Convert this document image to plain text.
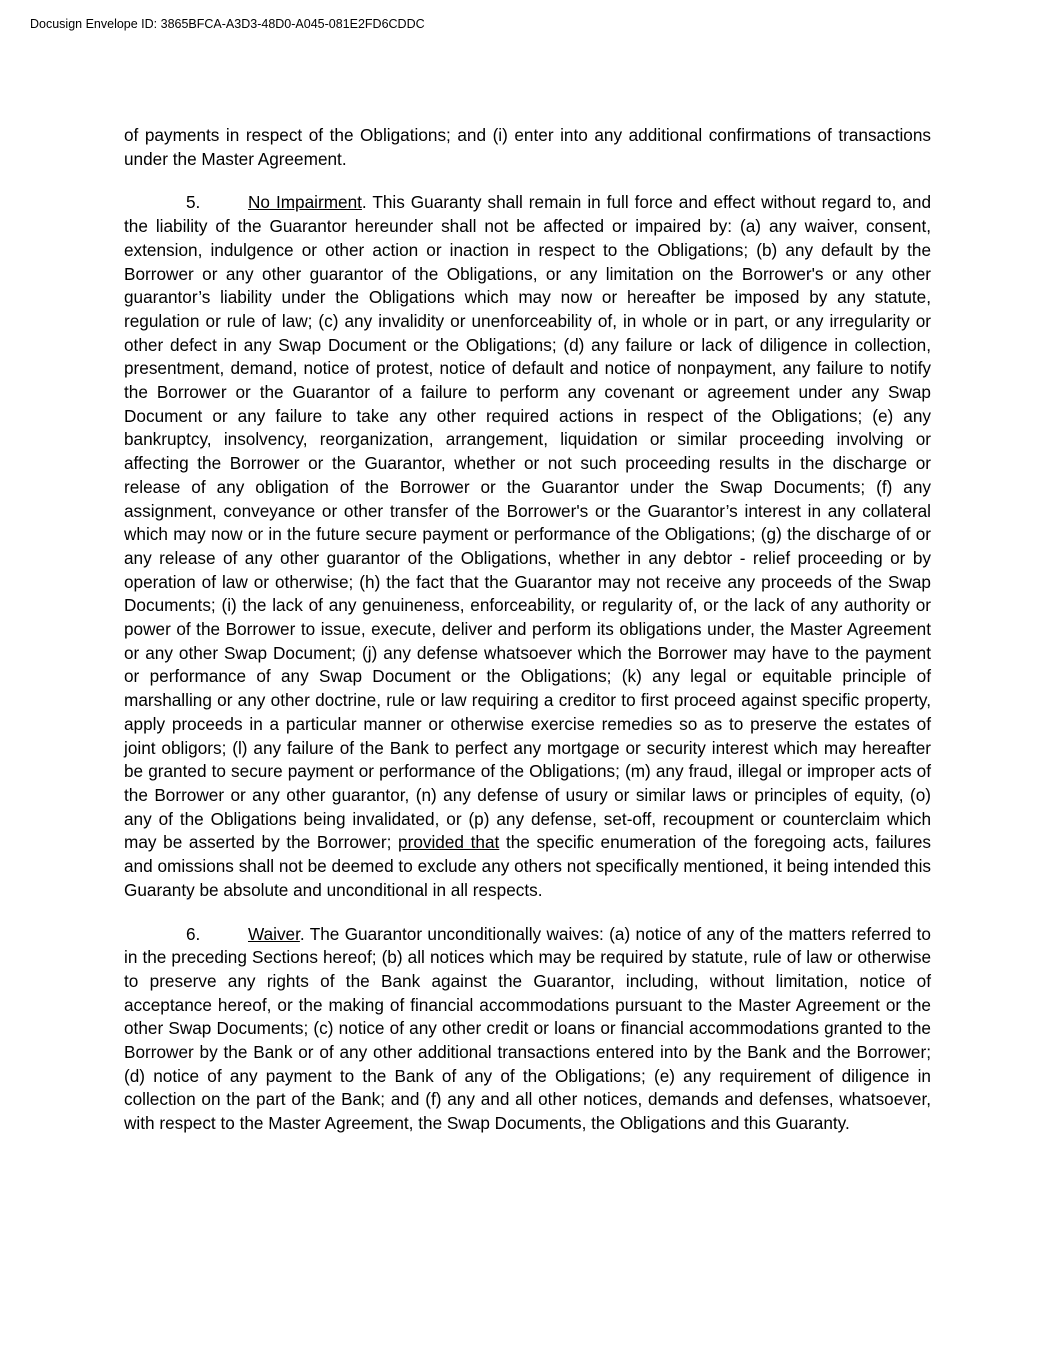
Docusign Envelope ID: 3865BFCA-A3D3-48D0-A045-081E2FD6CDDC

of payments in respect of the Obligations; and (i) enter into any additional confirmations of transactions under the Master Agreement.

5.	No Impairment. This Guaranty shall remain in full force and effect without regard to, and the liability of the Guarantor hereunder shall not be affected or impaired by: (a) any waiver, consent, extension, indulgence or other action or inaction in respect to the Obligations; (b) any default by the Borrower or any other guarantor of the Obligations, or any limitation on the Borrower's or any other guarantor’s liability under the Obligations which may now or hereafter be imposed by any statute, regulation or rule of law; (c) any invalidity or unenforceability of, in whole or in part, or any irregularity or other defect in any Swap Document or the Obligations; (d) any failure or lack of diligence in collection, presentment, demand, notice of protest, notice of default and notice of nonpayment, any failure to notify the Borrower or the Guarantor of a failure to perform any covenant or agreement under any Swap Document or any failure to take any other required actions in respect of the Obligations; (e) any bankruptcy, insolvency, reorganization, arrangement, liquidation or similar proceeding involving or affecting the Borrower or the Guarantor, whether or not such proceeding results in the discharge or release of any obligation of the Borrower or the Guarantor under the Swap Documents; (f) any assignment, conveyance or other transfer of the Borrower's or the Guarantor’s interest in any collateral which may now or in the future secure payment or performance of the Obligations; (g) the discharge of or any release of any other guarantor of the Obligations, whether in any debtor - relief proceeding or by operation of law or otherwise; (h) the fact that the Guarantor may not receive any proceeds of the Swap Documents; (i) the lack of any genuineness, enforceability, or regularity of, or the lack of any authority or power of the Borrower to issue, execute, deliver and perform its obligations under, the Master Agreement or any other Swap Document; (j) any defense whatsoever which the Borrower may have to the payment or performance of any Swap Document or the Obligations; (k) any legal or equitable principle of marshalling or any other doctrine, rule or law requiring a creditor to first proceed against specific property, apply proceeds in a particular manner or otherwise exercise remedies so as to preserve the estates of joint obligors; (l) any failure of the Bank to perfect any mortgage or security interest which may hereafter be granted to secure payment or performance of the Obligations; (m) any fraud, illegal or improper acts of the Borrower or any other guarantor, (n) any defense of usury or similar laws or principles of equity, (o) any of the Obligations being invalidated, or (p) any defense, set-off, recoupment or counterclaim which may be asserted by the Borrower; provided that the specific enumeration of the foregoing acts, failures and omissions shall not be deemed to exclude any others not specifically mentioned, it being intended this Guaranty be absolute and unconditional in all respects.

6.	Waiver. The Guarantor unconditionally waives: (a) notice of any of the matters referred to in the preceding Sections hereof; (b) all notices which may be required by statute, rule of law or otherwise to preserve any rights of the Bank against the Guarantor, including, without limitation, notice of acceptance hereof, or the making of financial accommodations pursuant to the Master Agreement or the other Swap Documents; (c) notice of any other credit or loans or financial accommodations granted to the Borrower by the Bank or of any other additional transactions entered into by the Bank and the Borrower; (d) notice of any payment to the Bank of any of the Obligations; (e) any requirement of diligence in collection on the part of the Bank; and (f) any and all other notices, demands and defenses, whatsoever, with respect to the Master Agreement, the Swap Documents, the Obligations and this Guaranty.
